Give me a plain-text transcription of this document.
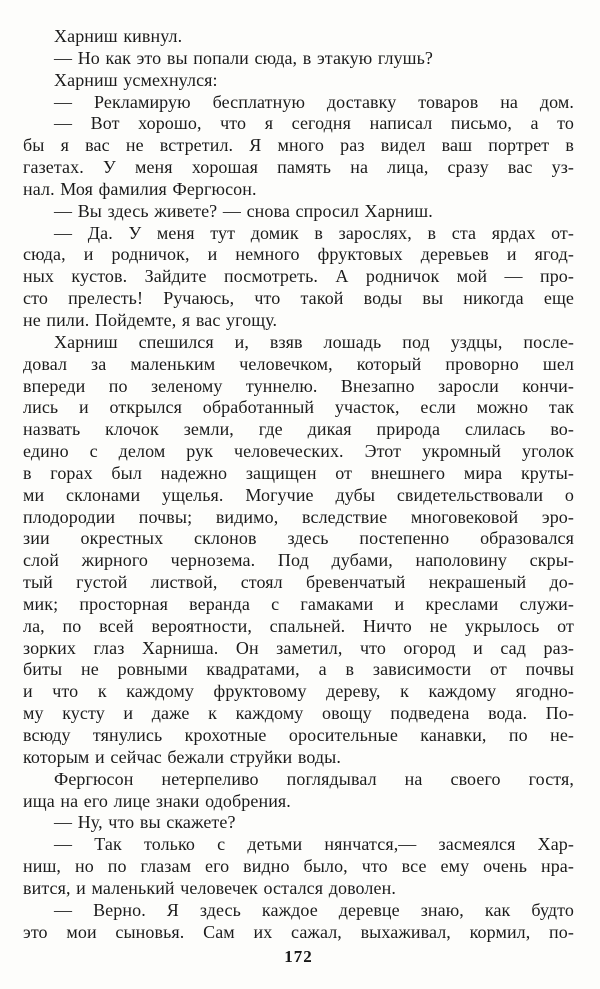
Харниш кивнул.
— Но как это вы попали сюда, в этакую глушь?
Харниш усмехнулся:
— Рекламирую бесплатную доставку товаров на дом.
— Вот хорошо, что я сегодня написал письмо, а то
бы я вас не встретил. Я много раз видел ваш портрет в
газетах. У меня хорошая память на лица, сразу вас уз-
нал. Моя фамилия Фергюсон.
— Вы здесь живете? — снова спросил Харниш.
— Да. У меня тут домик в зарослях, в ста ярдах от-
сюда, и родничок, и немного фруктовых деревьев и ягод-
ных кустов. Зайдите посмотреть. А родничок мой — про-
сто прелесть! Ручаюсь, что такой воды вы никогда еще
не пили. Пойдемте, я вас угощу.
Харниш спешился и, взяв лошадь под уздцы, после-
довал за маленьким человечком, который проворно шел
впереди по зеленому туннелю. Внезапно заросли кончи-
лись и открылся обработанный участок, если можно так
назвать клочок земли, где дикая природа слилась во-
едино с делом рук человеческих. Этот укромный уголок
в горах был надежно защищен от внешнего мира круты-
ми склонами ущелья. Могучие дубы свидетельствовали о
плодородии почвы; видимо, вследствие многовековой эро-
зии окрестных склонов здесь постепенно образовался
слой жирного чернозема. Под дубами, наполовину скры-
тый густой листвой, стоял бревенчатый некрашеный до-
мик; просторная веранда с гамаками и креслами служи-
ла, по всей вероятности, спальней. Ничто не укрылось от
зорких глаз Харниша. Он заметил, что огород и сад раз-
биты не ровными квадратами, а в зависимости от почвы
и что к каждому фруктовому дереву, к каждому ягодно-
му кусту и даже к каждому овощу подведена вода. По-
всюду тянулись крохотные оросительные канавки, по не-
которым и сейчас бежали струйки воды.
Фергюсон нетерпеливо поглядывал на своего гостя,
ища на его лице знаки одобрения.
— Ну, что вы скажете?
— Так только с детьми нянчатся,— засмеялся Хар-
ниш, но по глазам его видно было, что все ему очень нра-
вится, и маленький человечек остался доволен.
— Верно. Я здесь каждое деревце знаю, как будто
это мои сыновья. Сам их сажал, выхаживал, кормил, по-
172
